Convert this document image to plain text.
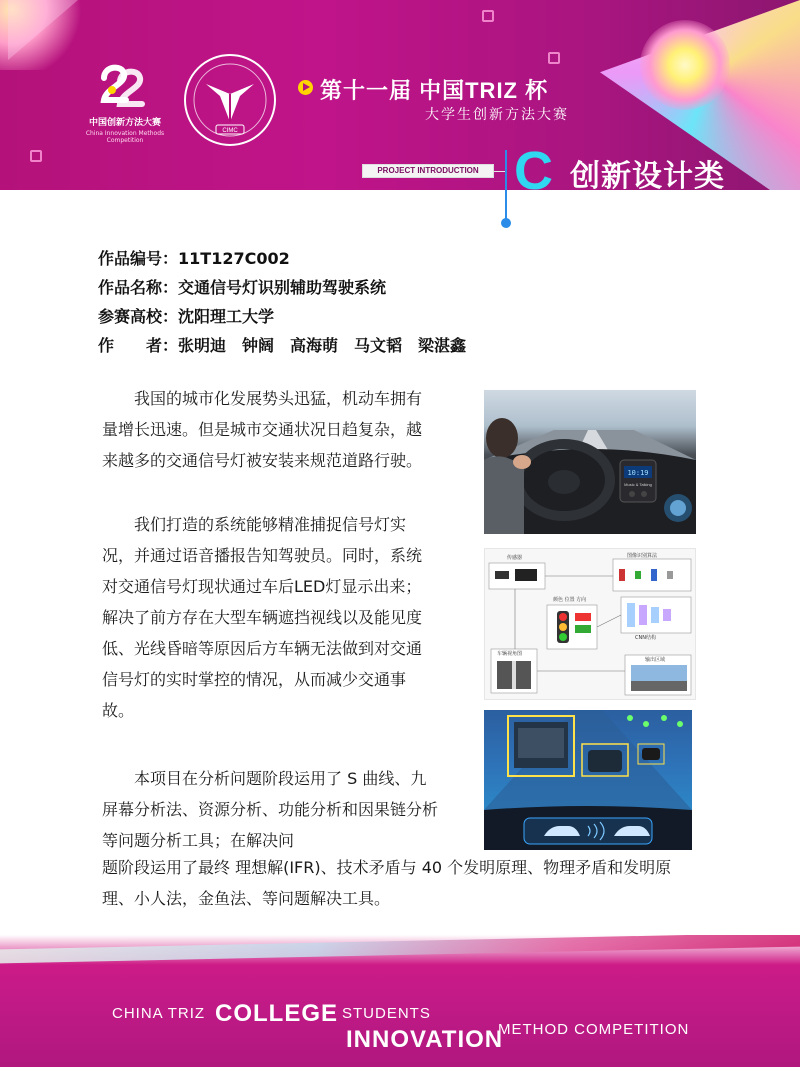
中国创新方法大赛
China Innovation Methods Competition
CIMC
第十一届 中国TRIZ 杯
大学生创新方法大赛
PROJECT INTRODUCTION C 创新设计类
作品编号：11T127C002
作品名称：交通信号灯识别辅助驾驶系统
参赛高校：沈阳理工大学
作　　者：张明迪　钟阔　高海萌　马文韬　梁湛鑫

我国的城市化发展势头迅猛，机动车拥有量增长迅速。但是城市交通状况日趋复杂，越来越多的交通信号灯被安装来规范道路行驶。

我们打造的系统能够精准捕捉信号灯实况，并通过语音播报告知驾驶员。同时，系统对交通信号灯现状通过车后LED灯显示出来；解决了前方存在大型车辆遮挡视线以及能见度低、光线昏暗等原因后方车辆无法做到对交通信号灯的实时掌控的情况，从而减少交通事故。

本项目在分析问题阶段运用了 S 曲线、九屏幕分析法、资源分析、功能分析和因果链分析等问题分析工具；在解决问

题阶段运用了最终 理想解(IFR)、技术矛盾与 40 个发明原理、物理矛盾和发明原理、小人法，金鱼法、等问题解决工具。

10:19
Music & Talking
传感器	图像识别算法
CNN结构
颜色 位置 方向
车辆视角图
输出区域
CHINA TRIZ COLLEGE STUDENTS
INNOVATION
METHOD COMPETITION
